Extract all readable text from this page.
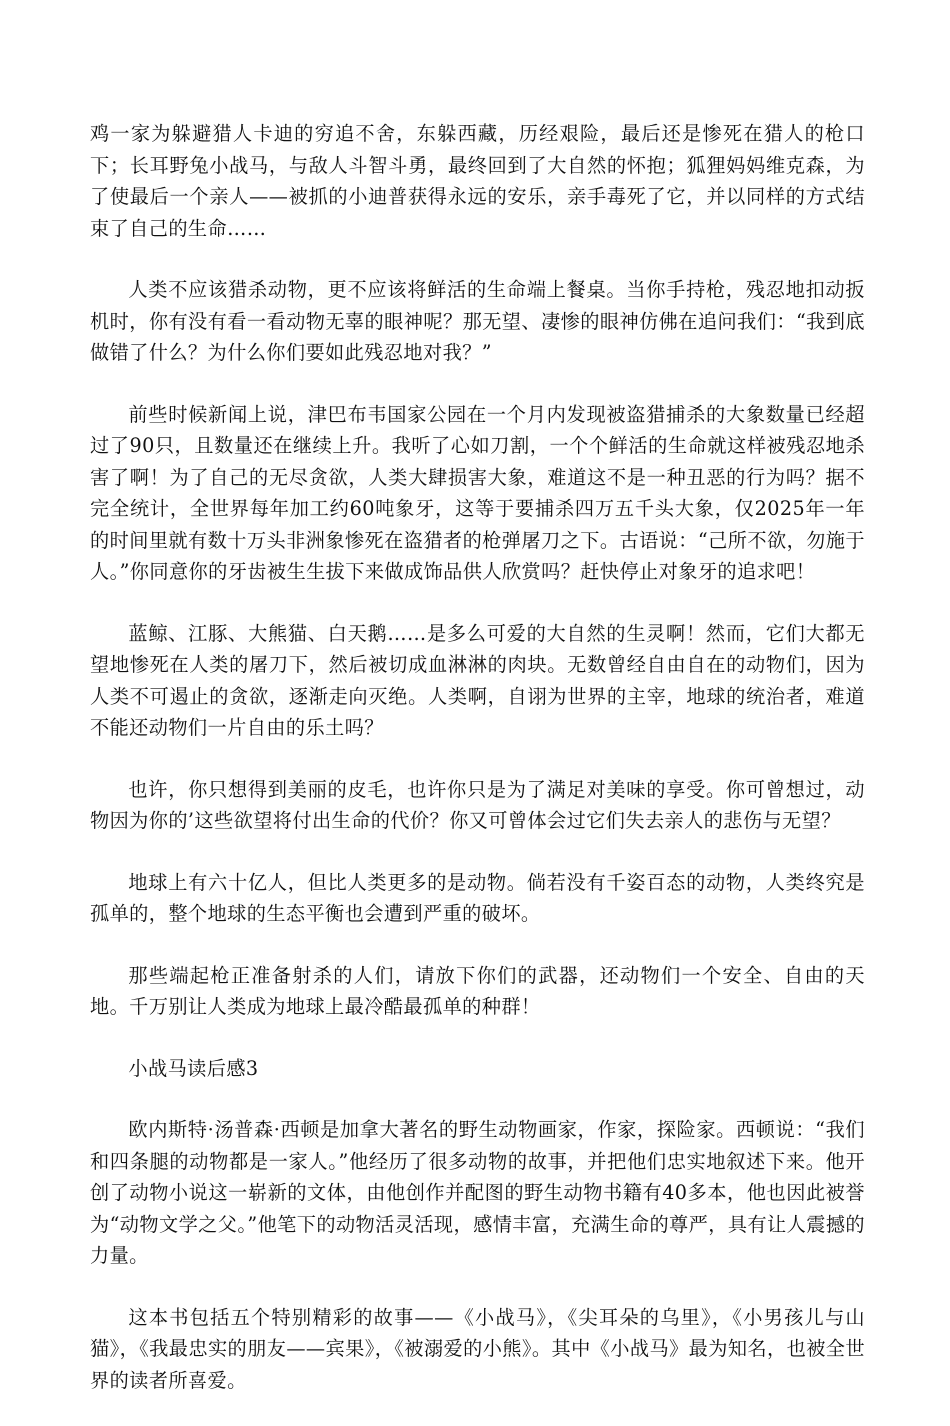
鸡一家为躲避猎人卡迪的穷追不舍，东躲西藏，历经艰险，最后还是惨死在猎人的枪口下；长耳野兔小战马，与敌人斗智斗勇，最终回到了大自然的怀抱；狐狸妈妈维克森，为了使最后一个亲人——被抓的小迪普获得永远的安乐，亲手毒死了它，并以同样的方式结束了自己的生命……

人类不应该猎杀动物，更不应该将鲜活的生命端上餐桌。当你手持枪，残忍地扣动扳机时，你有没有看一看动物无辜的眼神呢？那无望、凄惨的眼神仿佛在追问我们：“我到底做错了什么？为什么你们要如此残忍地对我？”

前些时候新闻上说，津巴布韦国家公园在一个月内发现被盗猎捕杀的大象数量已经超过了90只，且数量还在继续上升。我听了心如刀割，一个个鲜活的生命就这样被残忍地杀害了啊！为了自己的无尽贪欲，人类大肆损害大象，难道这不是一种丑恶的行为吗？据不完全统计，全世界每年加工约60吨象牙，这等于要捕杀四万五千头大象，仅2025年一年的时间里就有数十万头非洲象惨死在盗猎者的枪弹屠刀之下。古语说：“己所不欲，勿施于人。”你同意你的牙齿被生生拔下来做成饰品供人欣赏吗？赶快停止对象牙的追求吧！

蓝鲸、江豚、大熊猫、白天鹅……是多么可爱的大自然的生灵啊！然而，它们大都无望地惨死在人类的屠刀下，然后被切成血淋淋的肉块。无数曾经自由自在的动物们，因为人类不可遏止的贪欲，逐渐走向灭绝。人类啊，自诩为世界的主宰，地球的统治者，难道不能还动物们一片自由的乐土吗？

也许，你只想得到美丽的皮毛，也许你只是为了满足对美味的享受。你可曾想过，动物因为你的’这些欲望将付出生命的代价？你又可曾体会过它们失去亲人的悲伤与无望？

地球上有六十亿人，但比人类更多的是动物。倘若没有千姿百态的动物，人类终究是孤单的，整个地球的生态平衡也会遭到严重的破坏。

那些端起枪正准备射杀的人们，请放下你们的武器，还动物们一个安全、自由的天地。千万别让人类成为地球上最冷酷最孤单的种群！

小战马读后感3

欧内斯特·汤普森·西顿是加拿大著名的野生动物画家，作家，探险家。西顿说：“我们和四条腿的动物都是一家人。”他经历了很多动物的故事，并把他们忠实地叙述下来。他开创了动物小说这一崭新的文体，由他创作并配图的野生动物书籍有40多本，他也因此被誉为“动物文学之父。”他笔下的动物活灵活现，感情丰富，充满生命的尊严，具有让人震撼的力量。

这本书包括五个特别精彩的故事——《小战马》，《尖耳朵的乌里》，《小男孩儿与山猫》，《我最忠实的朋友——宾果》，《被溺爱的小熊》。其中《小战马》最为知名，也被全世界的读者所喜爱。
